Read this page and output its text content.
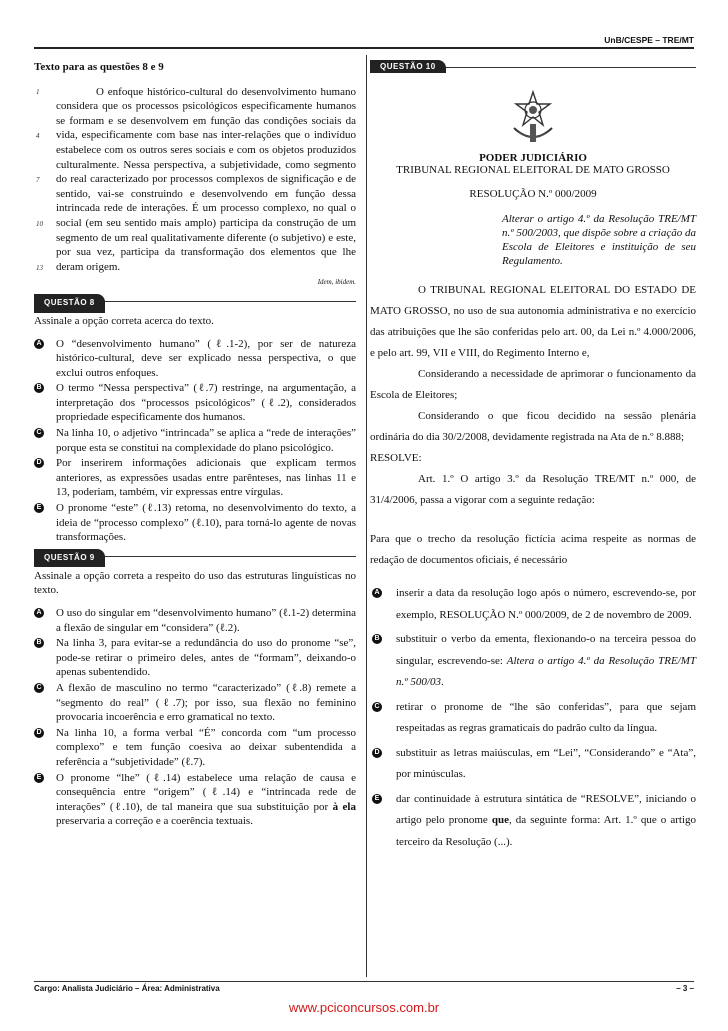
UnB/CESPE – TRE/MT
Texto para as questões 8 e 9
1
4
7
10
13

O enfoque histórico-cultural do desenvolvimento humano considera que os processos psicológicos especificamente humanos se formam e se desenvolvem em função das condições sociais da vida, especificamente com base nas inter-relações que o indivíduo estabelece com os outros seres sociais e com os objetos produzidos culturalmente. Nessa perspectiva, a subjetividade, como segmento do real caracterizado por processos complexos de significação e de sentido, vai-se construindo e desenvolvendo em função dessa intrincada rede de interações. É um processo complexo, no qual o social (em seu sentido mais amplo) participa da construção de um segmento de um real qualitativamente diferente (o subjetivo) e este, por sua vez, participa da transformação dos elementos que lhe deram origem.

Idem, ibidem.
QUESTÃO 8

Assinale a opção correta acerca do texto.

A O “desenvolvimento humano” (ℓ.1-2), por ser de natureza histórico-cultural, deve ser explicado nessa perspectiva, o que exclui outros enfoques.
B O termo “Nessa perspectiva” (ℓ.7) restringe, na argumentação, a interpretação dos “processos psicológicos” (ℓ.2), considerados propriedade especificamente dos humanos.
C Na linha 10, o adjetivo “intrincada” se aplica a “rede de interações” porque esta se constitui na complexidade do plano psicológico.
D Por inserirem informações adicionais que explicam termos anteriores, as expressões usadas entre parênteses, nas linhas 11 e 13, poderiam, também, vir expressas entre vírgulas.
E O pronome “este” (ℓ.13) retoma, no desenvolvimento do texto, a ideia de “processo complexo” (ℓ.10), para torná-lo agente de novas transformações.
QUESTÃO 9

Assinale a opção correta a respeito do uso das estruturas linguísticas no texto.

A O uso do singular em “desenvolvimento humano” (ℓ.1-2) determina a flexão de singular em “considera” (ℓ.2).
B Na linha 3, para evitar-se a redundância do uso do pronome “se”, pode-se retirar o primeiro deles, antes de “formam”, deixando-o apenas subentendido.
C A flexão de masculino no termo “caracterizado” (ℓ.8) remete a “segmento do real” (ℓ.7); por isso, sua flexão no feminino provocaria incoerência e erro gramatical no texto.
D Na linha 10, a forma verbal “É” concorda com “um processo complexo” e tem função coesiva ao deixar subentendida a referência a “subjetividade” (ℓ.7).
E O pronome “lhe” (ℓ.14) estabelece uma relação de causa e consequência entre “origem” (ℓ.14) e “intrincada rede de interações” (ℓ.10), de tal maneira que sua substituição por à ela preservaria a correção e a coerência textuais.
QUESTÃO 10
PODER JUDICIÁRIO
TRIBUNAL REGIONAL ELEITORAL DE MATO GROSSO
RESOLUÇÃO N.º 000/2009
Alterar o artigo 4.º da Resolução TRE/MT n.º 500/2003, que dispõe sobre a criação da Escola de Eleitores e instituição de seu Regulamento.
O TRIBUNAL REGIONAL ELEITORAL DO ESTADO DE MATO GROSSO, no uso de sua autonomia administrativa e no exercício das atribuições que lhe são conferidas pelo art. 00, da Lei n.º 4.000/2006, e pelo art. 99, VII e VIII, do Regimento Interno e,
Considerando a necessidade de aprimorar o funcionamento da Escola de Eleitores;
Considerando o que ficou decidido na sessão plenária ordinária do dia 30/2/2008, devidamente registrada na Ata de n.º 8.888;
RESOLVE:
Art. 1.º O artigo 3.º da Resolução TRE/MT n.º 000, de 31/4/2006, passa a vigorar com a seguinte redação:
Para que o trecho da resolução fictícia acima respeite as normas de redação de documentos oficiais, é necessário
A inserir a data da resolução logo após o número, escrevendo-se, por exemplo, RESOLUÇÃO N.º 000/2009, de 2 de novembro de 2009.
B substituir o verbo da ementa, flexionando-o na terceira pessoa do singular, escrevendo-se: Altera o artigo 4.º da Resolução TRE/MT n.º 500/03.
C retirar o pronome de “lhe são conferidas”, para que sejam respeitadas as regras gramaticais do padrão culto da língua.
D substituir as letras maiúsculas, em “Lei”, “Considerando” e “Ata”, por minúsculas.
E dar continuidade à estrutura sintática de “RESOLVE”, iniciando o artigo pelo pronome que, da seguinte forma: Art. 1.º que o artigo terceiro da Resolução (...).
Cargo: Analista Judiciário – Área: Administrativa	– 3 –
www.pciconcursos.com.br
